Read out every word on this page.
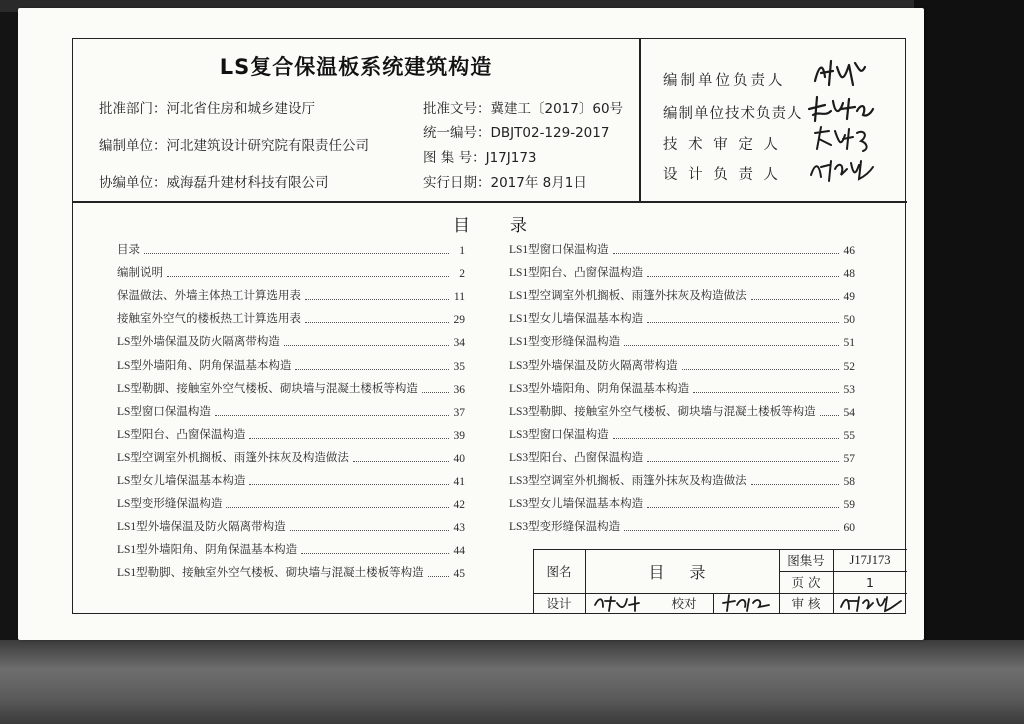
LS复合保温板系统建筑构造
批准部门：河北省住房和城乡建设厅
编制单位：河北建筑设计研究院有限责任公司
协编单位：威海磊升建材科技有限公司
批准文号：冀建工〔2017〕60号
统一编号：DBJT02-129-2017
图 集 号：J17J173
实行日期：2017年 8月1日
编制单位负责人
编制单位技术负责人
技 术 审 定 人
设 计 负 责 人
目录
目录	1
编制说明	2
保温做法、外墙主体热工计算选用表	11
接触室外空气的楼板热工计算选用表	29
LS型外墙保温及防火隔离带构造	34
LS型外墙阳角、阴角保温基本构造	35
LS型勒脚、接触室外空气楼板、砌块墙与混凝土楼板等构造	36
LS型窗口保温构造	37
LS型阳台、凸窗保温构造	39
LS型空调室外机搁板、雨篷外抹灰及构造做法	40
LS型女儿墙保温基本构造	41
LS型变形缝保温构造	42
LS1型外墙保温及防火隔离带构造	43
LS1型外墙阳角、阴角保温基本构造	44
LS1型勒脚、接触室外空气楼板、砌块墙与混凝土楼板等构造	45
LS1型窗口保温构造	46
LS1型阳台、凸窗保温构造	48
LS1型空调室外机搁板、雨篷外抹灰及构造做法	49
LS1型女儿墙保温基本构造	50
LS1型变形缝保温构造	51
LS3型外墙保温及防火隔离带构造	52
LS3型外墙阳角、阴角保温基本构造	53
LS3型勒脚、接触室外空气楼板、砌块墙与混凝土楼板等构造 54
LS3型窗口保温构造	55
LS3型阳台、凸窗保温构造	57
LS3型空调室外机搁板、雨篷外抹灰及构造做法	58
LS3型女儿墙保温基本构造	59
LS3型变形缝保温构造	60
图名	目 录
图集号	J17J173
页 次	1
设计	校对	审 核
